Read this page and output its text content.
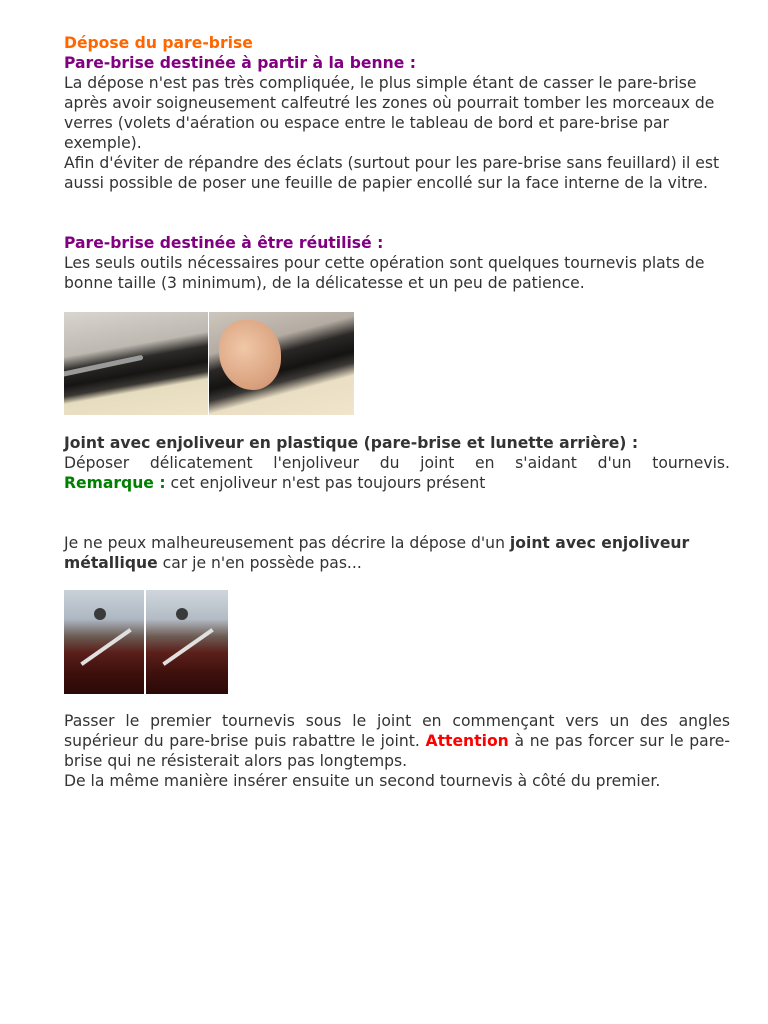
Dépose du pare-brise

Pare-brise destinée à partir à la benne :

La dépose n'est pas très compliquée, le plus simple étant de casser le pare-brise après avoir soigneusement calfeutré les zones où pourrait tomber les morceaux de verres (volets d'aération ou espace entre le tableau de bord et pare-brise par exemple).

Afin d'éviter de répandre des éclats (surtout pour les pare-brise sans feuillard) il est aussi possible de poser une feuille de papier encollé sur la face interne de la vitre.

Pare-brise destinée à être réutilisé :

Les seuls outils nécessaires pour cette opération sont quelques tournevis plats de bonne taille (3 minimum), de la délicatesse et un peu de patience.

Joint avec enjoliveur en plastique (pare-brise et lunette arrière) :

Déposer délicatement l'enjoliveur du joint en s'aidant d'un tournevis.

Remarque : cet enjoliveur n'est pas toujours présent

Je ne peux malheureusement pas décrire la dépose d'un joint avec enjoliveur métallique car je n'en possède pas...

Passer le premier tournevis sous le joint en commençant vers un des angles supérieur du pare-brise puis rabattre le joint. Attention à ne pas forcer sur le pare-brise qui ne résisterait alors pas longtemps.

De la même manière insérer ensuite un second tournevis à côté du premier.
